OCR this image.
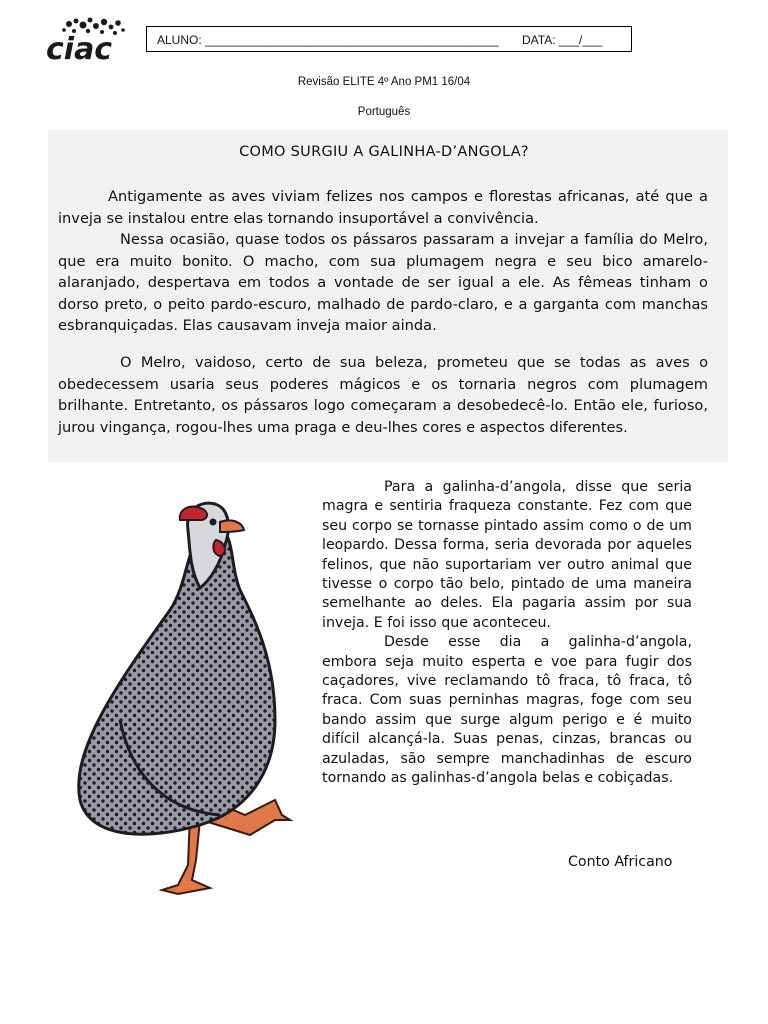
ciac	ALUNO: ____________________________________________ DATA: ___/___
Revisão ELITE 4º Ano PM1 16/04
Português
COMO SURGIU A GALINHA-D’ANGOLA?

Antigamente as aves viviam felizes nos campos e florestas africanas, até que a inveja se instalou entre elas tornando insuportável a convivência.

Nessa ocasião, quase todos os pássaros passaram a invejar a família do Melro, que era muito bonito. O macho, com sua plumagem negra e seu bico amarelo-alaranjado, despertava em todos a vontade de ser igual a ele. As fêmeas tinham o dorso preto, o peito pardo-escuro, malhado de pardo-claro, e a garganta com manchas esbranquiçadas. Elas causavam inveja maior ainda.

O Melro, vaidoso, certo de sua beleza, prometeu que se todas as aves o obedecessem usaria seus poderes mágicos e os tornaria negros com plumagem brilhante. Entretanto, os pássaros logo começaram a desobedecê-lo. Então ele, furioso, jurou vingança, rogou-lhes uma praga e deu-lhes cores e aspectos diferentes.

Para a galinha-d’angola, disse que seria magra e sentiria fraqueza constante. Fez com que seu corpo se tornasse pintado assim como o de um leopardo. Dessa forma, seria devorada por aqueles felinos, que não suportariam ver outro animal que tivesse o corpo tão belo, pintado de uma maneira semelhante ao deles. Ela pagaria assim por sua inveja. E foi isso que aconteceu.

Desde esse dia a galinha-d’angola, embora seja muito esperta e voe para fugir dos caçadores, vive reclamando tô fraca, tô fraca, tô fraca. Com suas perninhas magras, foge com seu bando assim que surge algum perigo e é muito difícil alcançá-la. Suas penas, cinzas, brancas ou azuladas, são sempre manchadinhas de escuro tornando as galinhas-d’angola belas e cobiçadas.

Conto Africano
